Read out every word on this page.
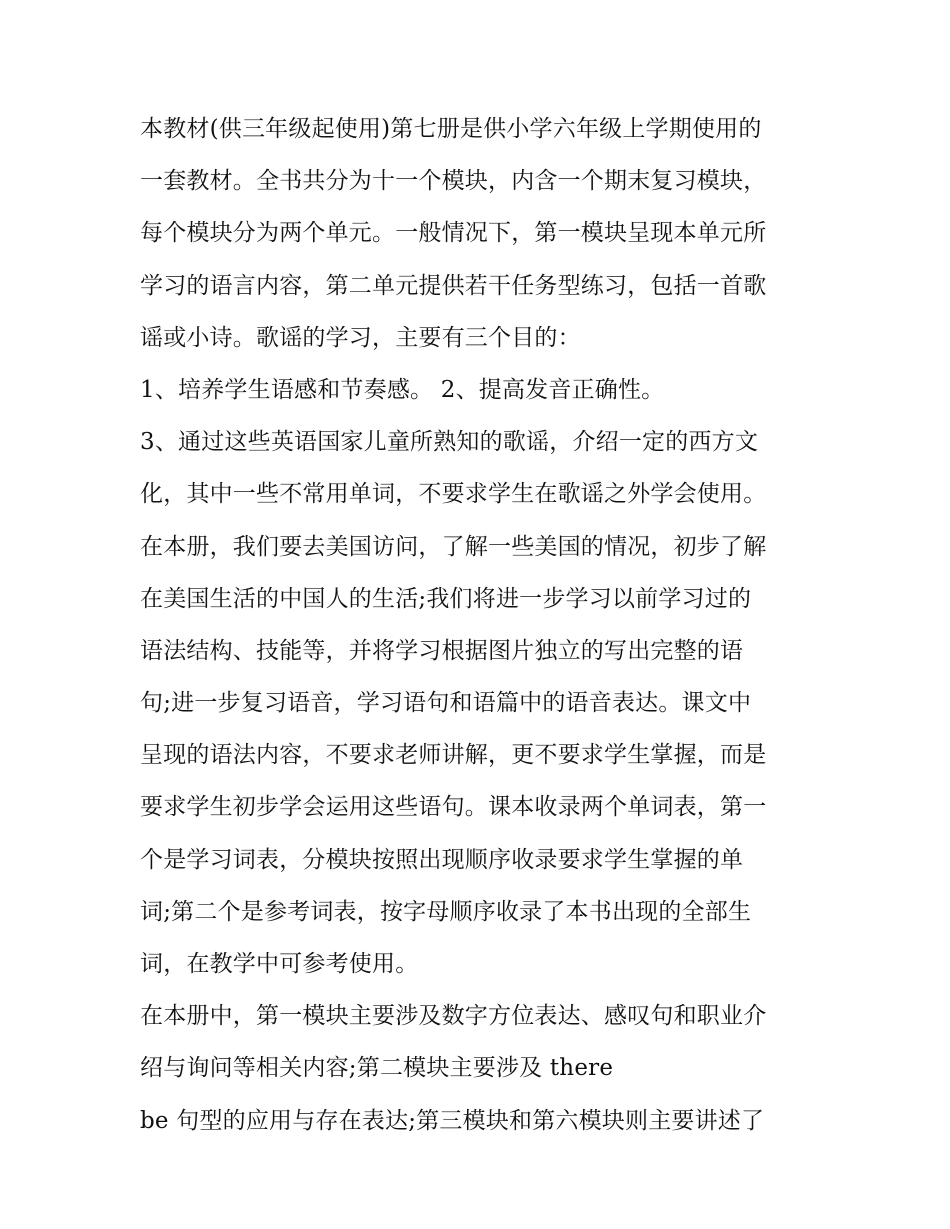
本教材(供三年级起使用)第七册是供小学六年级上学期使用的
一套教材。全书共分为十一个模块，内含一个期末复习模块，
每个模块分为两个单元。一般情况下，第一模块呈现本单元所
学习的语言内容，第二单元提供若干任务型练习，包括一首歌
谣或小诗。歌谣的学习，主要有三个目的：
1、培养学生语感和节奏感。 2、提高发音正确性。
3、通过这些英语国家儿童所熟知的歌谣，介绍一定的西方文
化，其中一些不常用单词，不要求学生在歌谣之外学会使用。
在本册，我们要去美国访问，了解一些美国的情况，初步了解
在美国生活的中国人的生活;我们将进一步学习以前学习过的
语法结构、技能等，并将学习根据图片独立的写出完整的语
句;进一步复习语音，学习语句和语篇中的语音表达。课文中
呈现的语法内容，不要求老师讲解，更不要求学生掌握，而是
要求学生初步学会运用这些语句。课本收录两个单词表，第一
个是学习词表，分模块按照出现顺序收录要求学生掌握的单
词;第二个是参考词表，按字母顺序收录了本书出现的全部生
词，在教学中可参考使用。
在本册中，第一模块主要涉及数字方位表达、感叹句和职业介
绍与询问等相关内容;第二模块主要涉及 there
be 句型的应用与存在表达;第三模块和第六模块则主要讲述了
